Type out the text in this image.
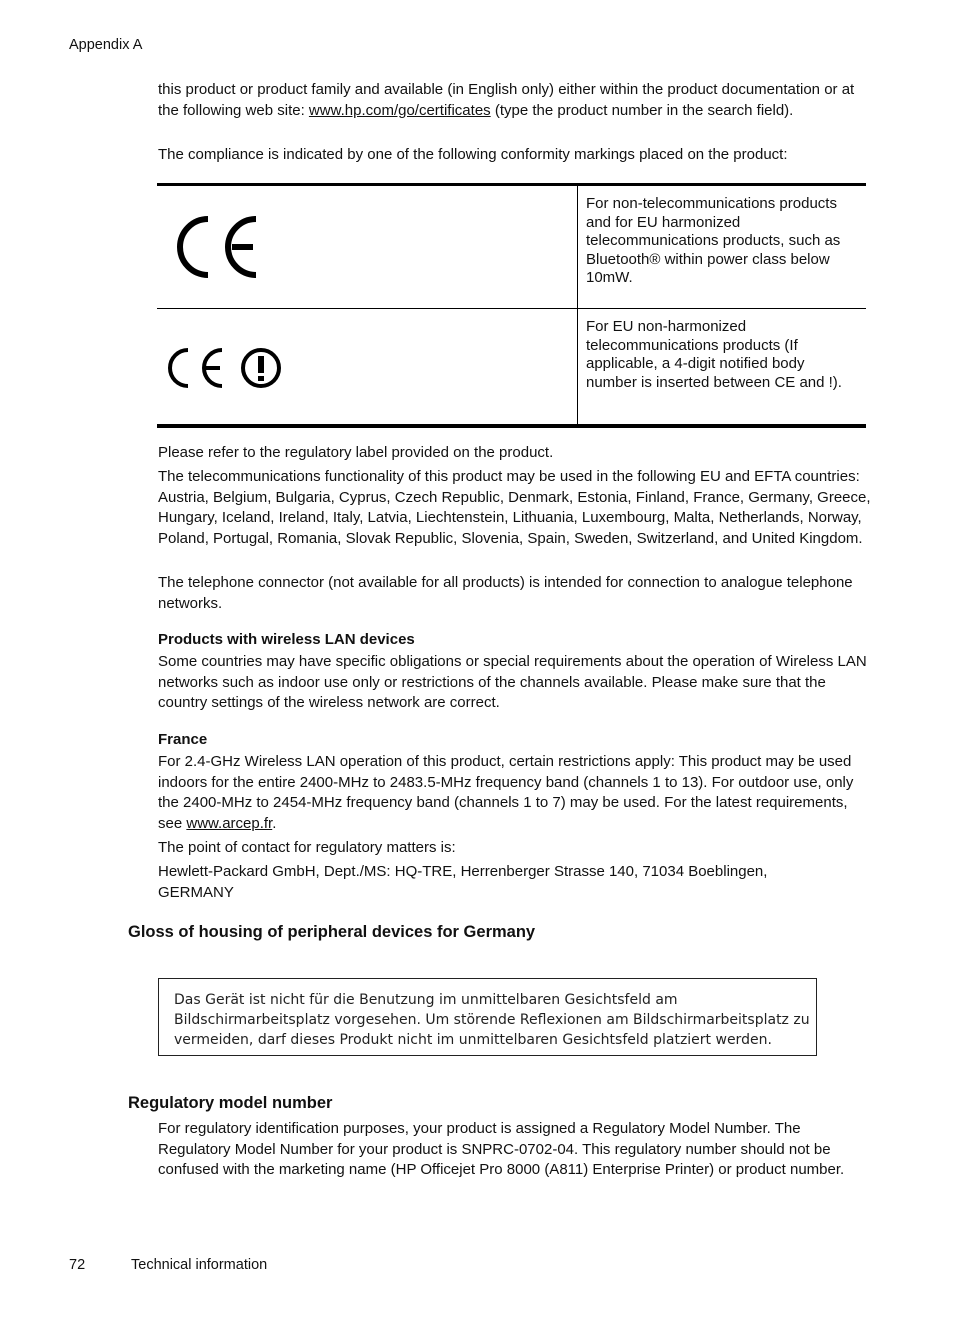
Appendix A
this product or product family and available (in English only) either within the product documentation or at the following web site: www.hp.com/go/certificates (type the product number in the search field).
The compliance is indicated by one of the following conformity markings placed on the product:
For non-telecommunications products and for EU harmonized telecommunications products, such as Bluetooth® within power class below 10mW.
For EU non-harmonized telecommunications products (If applicable, a 4-digit notified body number is inserted between CE and !).
Please refer to the regulatory label provided on the product.
The telecommunications functionality of this product may be used in the following EU and EFTA countries: Austria, Belgium, Bulgaria, Cyprus, Czech Republic, Denmark, Estonia, Finland, France, Germany, Greece, Hungary, Iceland, Ireland, Italy, Latvia, Liechtenstein, Lithuania, Luxembourg, Malta, Netherlands, Norway, Poland, Portugal, Romania, Slovak Republic, Slovenia, Spain, Sweden, Switzerland, and United Kingdom.
The telephone connector (not available for all products) is intended for connection to analogue telephone networks.
Products with wireless LAN devices
Some countries may have specific obligations or special requirements about the operation of Wireless LAN networks such as indoor use only or restrictions of the channels available. Please make sure that the country settings of the wireless network are correct.
France
For 2.4-GHz Wireless LAN operation of this product, certain restrictions apply: This product may be used indoors for the entire 2400-MHz to 2483.5-MHz frequency band (channels 1 to 13). For outdoor use, only the 2400-MHz to 2454-MHz frequency band (channels 1 to 7) may be used. For the latest requirements, see www.arcep.fr.
The point of contact for regulatory matters is:
Hewlett-Packard GmbH, Dept./MS: HQ-TRE, Herrenberger Strasse 140, 71034 Boeblingen, GERMANY
Gloss of housing of peripheral devices for Germany
Das Gerät ist nicht für die Benutzung im unmittelbaren Gesichtsfeld am Bildschirmarbeitsplatz vorgesehen. Um störende Reflexionen am Bildschirmarbeitsplatz zu vermeiden, darf dieses Produkt nicht im unmittelbaren Gesichtsfeld platziert werden.
Regulatory model number
For regulatory identification purposes, your product is assigned a Regulatory Model Number. The Regulatory Model Number for your product is SNPRC-0702-04. This regulatory number should not be confused with the marketing name (HP Officejet Pro 8000 (A811) Enterprise Printer) or product number.
72	Technical information
